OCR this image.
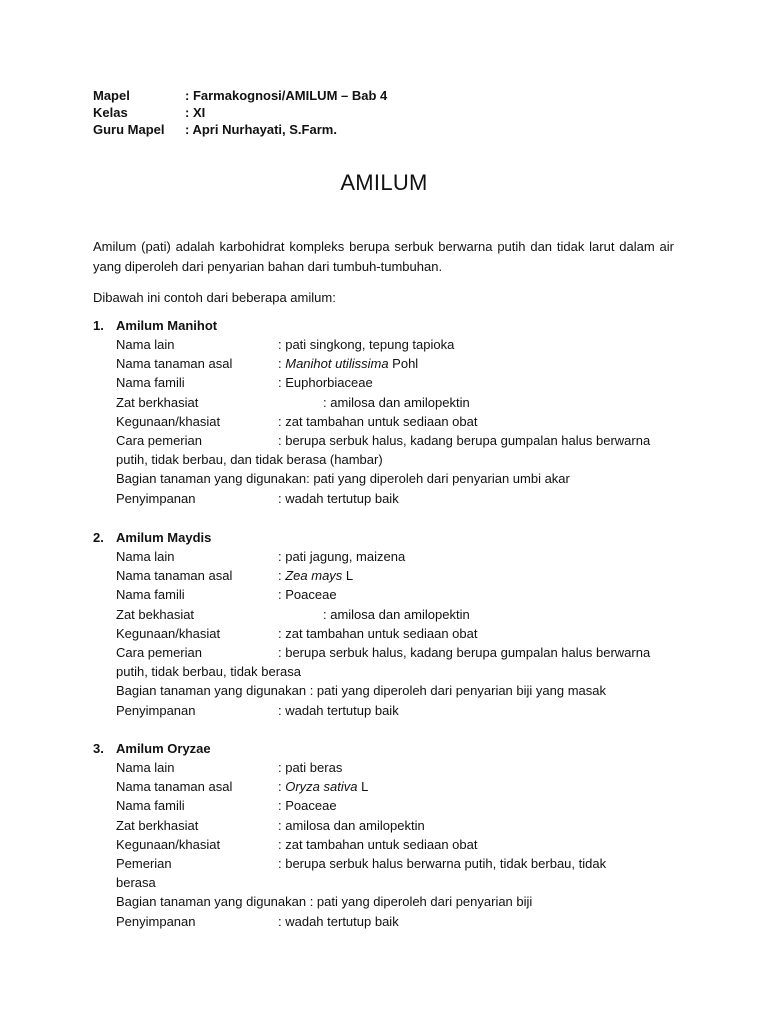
Mapel	: Farmakognosi/AMILUM – Bab 4
Kelas	: XI
Guru Mapel : Apri Nurhayati, S.Farm.
AMILUM
Amilum (pati) adalah karbohidrat kompleks berupa serbuk berwarna putih dan tidak larut dalam air yang diperoleh dari penyarian bahan dari tumbuh-tumbuhan.
Dibawah ini contoh dari beberapa amilum:
1. Amilum Manihot
Nama lain	: pati singkong, tepung tapioka
Nama tanaman asal	: Manihot utilissima Pohl
Nama famili	: Euphorbiaceae
Zat berkhasiat	: amilosa dan amilopektin
Kegunaan/khasiat	: zat tambahan untuk sediaan obat
Cara pemerian	: berupa serbuk halus, kadang berupa gumpalan halus berwarna
putih, tidak berbau, dan tidak berasa (hambar)
Bagian tanaman yang digunakan: pati yang diperoleh dari penyarian umbi akar
Penyimpanan	: wadah tertutup baik
2. Amilum Maydis
Nama lain	: pati jagung, maizena
Nama tanaman asal	: Zea mays L
Nama famili	: Poaceae
Zat bekhasiat	: amilosa dan amilopektin
Kegunaan/khasiat	: zat tambahan untuk sediaan obat
Cara pemerian	: berupa serbuk halus, kadang berupa gumpalan halus berwarna
putih, tidak berbau, tidak berasa
Bagian tanaman yang digunakan : pati yang diperoleh dari penyarian biji yang masak
Penyimpanan	: wadah tertutup baik
3. Amilum Oryzae
Nama lain	: pati beras
Nama tanaman asal	: Oryza sativa L
Nama famili	: Poaceae
Zat berkhasiat	: amilosa dan amilopektin
Kegunaan/khasiat	: zat tambahan untuk sediaan obat
Pemerian	: berupa serbuk halus berwarna putih, tidak berbau, tidak
berasa
Bagian tanaman yang digunakan : pati yang diperoleh dari penyarian biji
Penyimpanan	: wadah tertutup baik
